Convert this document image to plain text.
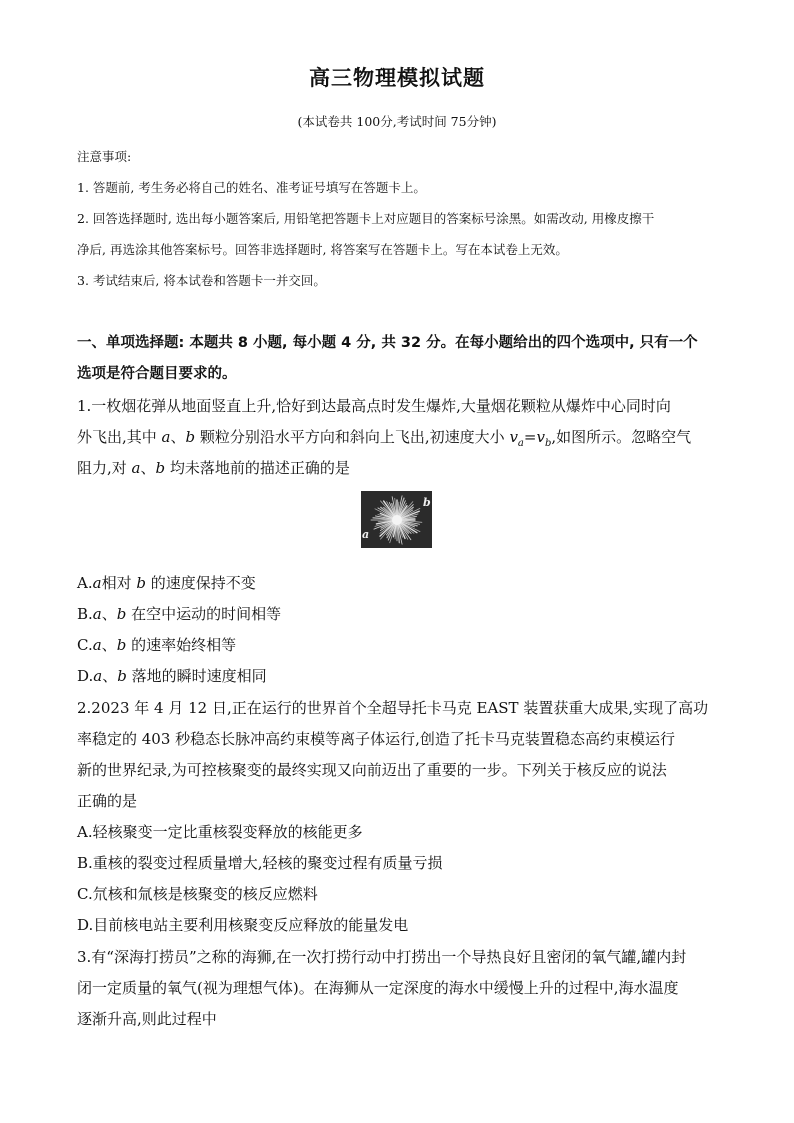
高三物理模拟试题
(本试卷共 100分,考试时间 75分钟)
注意事项:
1. 答题前, 考生务必将自己的姓名、准考证号填写在答题卡上。
2. 回答选择题时, 选出每小题答案后, 用铅笔把答题卡上对应题目的答案标号涂黑。如需改动, 用橡皮擦干
净后, 再选涂其他答案标号。回答非选择题时, 将答案写在答题卡上。写在本试卷上无效。
3. 考试结束后, 将本试卷和答题卡一并交回。
一、单项选择题: 本题共 8 小题, 每小题 4 分, 共 32 分。在每小题给出的四个选项中, 只有一个
选项是符合题目要求的。
1.一枚烟花弹从地面竖直上升,恰好到达最高点时发生爆炸,大量烟花颗粒从爆炸中心同时向
外飞出,其中 a、b 颗粒分别沿水平方向和斜向上飞出,初速度大小 $v_a=v_b$,如图所示。忽略空气
阻力,对 a、b 均未落地前的描述正确的是
b
a
A.a相对 b 的速度保持不变
B.a、b 在空中运动的时间相等
C.a、b 的速率始终相等
D.a、b 落地的瞬时速度相同
2.2023 年 4 月 12 日,正在运行的世界首个全超导托卡马克 EAST 装置获重大成果,实现了高功
率稳定的 403 秒稳态长脉冲高约束模等离子体运行,创造了托卡马克装置稳态高约束模运行
新的世界纪录,为可控核聚变的最终实现又向前迈出了重要的一步。下列关于核反应的说法
正确的是
A.轻核聚变一定比重核裂变释放的核能更多
B.重核的裂变过程质量增大,轻核的聚变过程有质量亏损
C.氘核和氚核是核聚变的核反应燃料
D.目前核电站主要利用核聚变反应释放的能量发电
3.有“深海打捞员”之称的海狮,在一次打捞行动中打捞出一个导热良好且密闭的氧气罐,罐内封
闭一定质量的氧气(视为理想气体)。在海狮从一定深度的海水中缓慢上升的过程中,海水温度
逐渐升高,则此过程中
